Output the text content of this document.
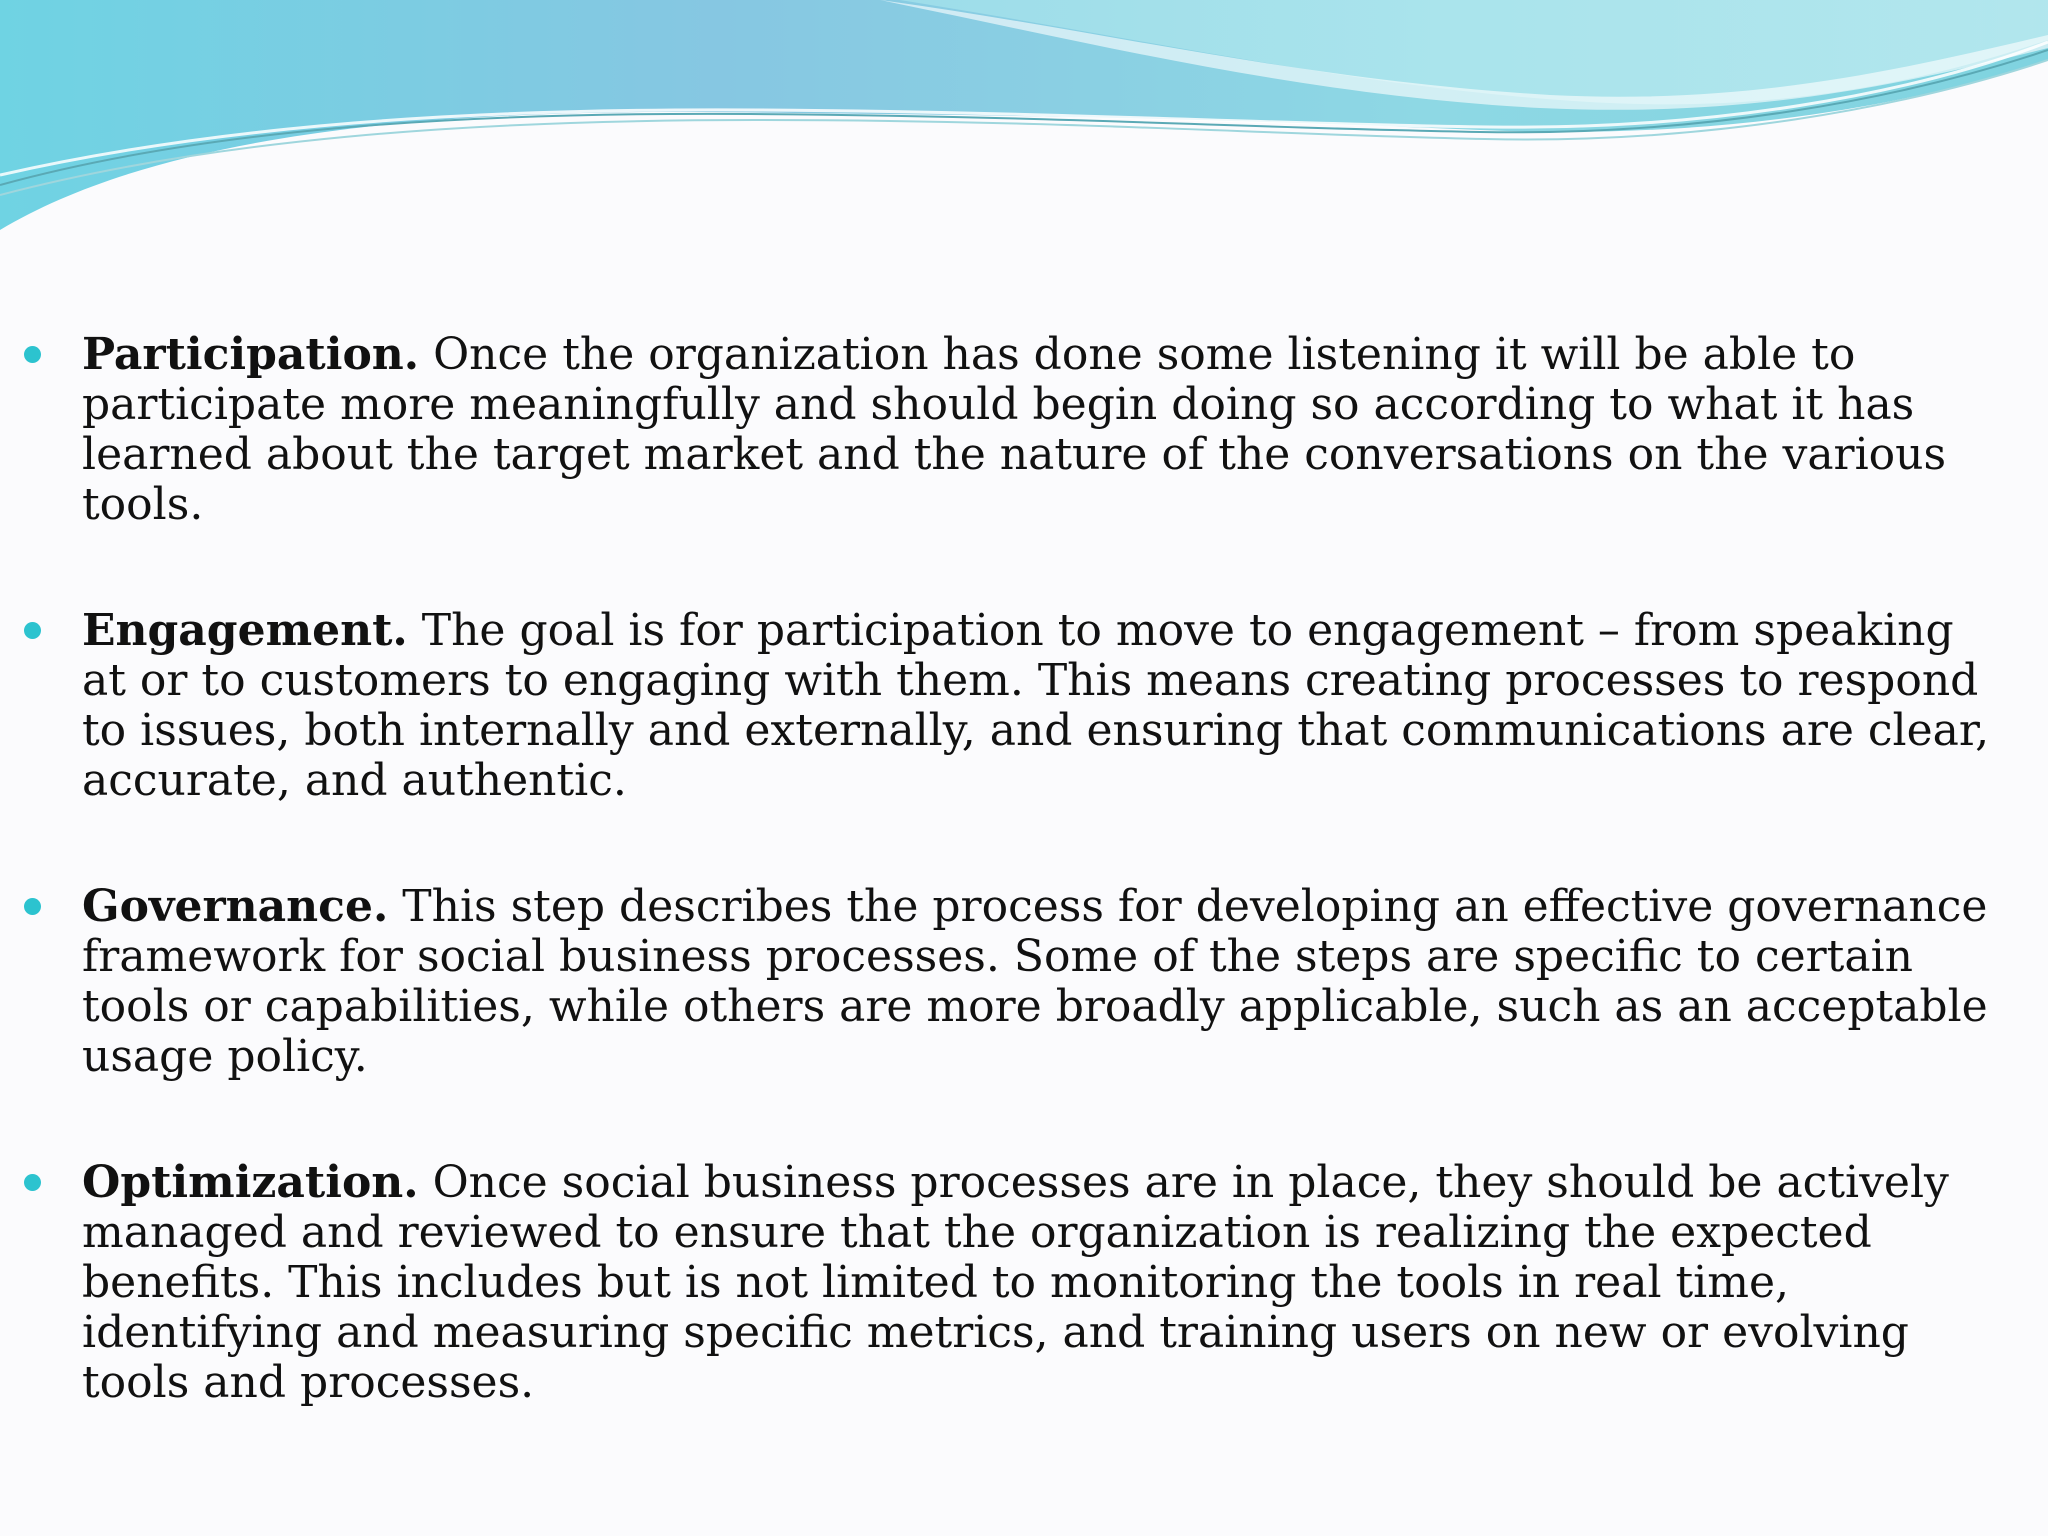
Participation. Once the organization has done some listening it will be able to participate more meaningfully and should begin doing so according to what it has learned about the target market and the nature of the conversations on the various tools.
Engagement. The goal is for participation to move to engagement – from speaking at or to customers to engaging with them. This means creating processes to respond to issues, both internally and externally, and ensuring that communications are clear, accurate, and authentic.
Governance. This step describes the process for developing an effective governance framework for social business processes. Some of the steps are specific to certain tools or capabilities, while others are more broadly applicable, such as an acceptable usage policy.
Optimization. Once social business processes are in place, they should be actively managed and reviewed to ensure that the organization is realizing the expected benefits. This includes but is not limited to monitoring the tools in real time, identifying and measuring specific metrics, and training users on new or evolving tools and processes.
